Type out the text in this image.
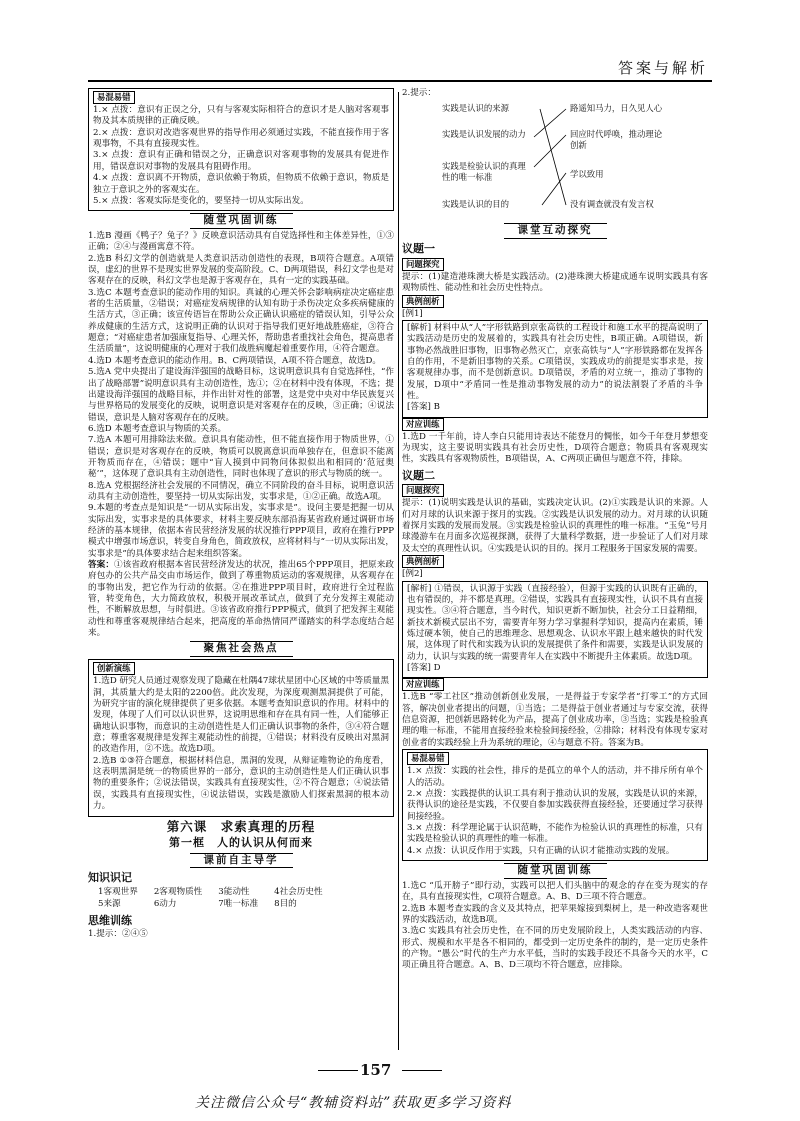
答案与解析
易混易错

1.× 点拨：意识有正误之分，只有与客观实际相符合的意识才是人脑对客观事物及其本质规律的正确反映。

2.× 点拨：意识对改造客观世界的指导作用必须通过实践，不能直接作用于客观事物，不具有直接现实性。

3.× 点拨：意识有正确和错误之分，正确意识对客观事物的发展具有促进作用，错误意识对事物的发展具有阻碍作用。

4.× 点拨：意识离不开物质，意识依赖于物质，但物质不依赖于意识，物质是独立于意识之外的客观实在。

5.× 点拨：客观实际是变化的，要坚持一切从实际出发。

随堂巩固训练

1.选B 漫画《鸭子？兔子？》反映意识活动具有自觉选择性和主体差异性，①③正确；②④与漫画寓意不符。

2.选B 科幻文学的创造就是人类意识活动创造性的表现，B项符合题意。A项错误，虚幻的世界不是现实世界发展的变高阶段。C、D两项错误，科幻文学也是对客观存在的反映，科幻文学也是源于客观存在，具有一定的实践基础。

3.选C 本题考查意识的能动作用的知识。真诚的心理关怀会影响病症决定癌症患者的生活质量，②错误；对癌症发病规律的认知有助于杀伤决定众多疾病健康的生活方式，③正确；该宣传语旨在帮助公众正确认识癌症的错误认知，引导公众养成健康的生活方式，这说明正确的认识对于指导我们更好地战胜癌症，③符合题意；“对癌症患者加强康复指导、心理关怀，帮助患者重找社会角色，提高患者生活质量”，这说明健康的心理对于我们战胜病魔起着重要作用，④符合题意。

4.选D 本题考查意识的能动作用。B、C两项错误，A项不符合题意，故选D。

5.选A 党中央提出了建设海洋强国的战略目标，这说明意识具有自觉选择性，“作出了战略部署”说明意识具有主动创造性，选①；②在材料中没有体现，不选；提出建设海洋强国的战略目标，并作出针对性的部署，这是党中央对中华民族复兴与世界格局的发展变化的反映，说明意识是对客观存在的反映，③正确；④说法错误，意识是人脑对客观存在的反映。

6.选D 本题考查意识与物质的关系。

7.选A 本题可用排除法来做。意识具有能动性，但不能直接作用于物质世界，①错误；意识是对客观存在的反映，物质可以脱离意识而单独存在，但意识不能离开物质而存在，④错误；题中“盲人摸到中同物问体拟似出和相同的‘范冠奥秘’”，这体现了意识具有主动创造性，同时也体现了意识的形式与物质的统一。

8.选A 党根据经济社会发展的不同情况，确立不同阶段的奋斗目标，说明意识活动具有主动创造性，要坚持一切从实际出发，实事求是，①②正确。故选A项。

9.本题的考查点是知识是“一切从实际出发，实事求是”。设问主要是把握一切从实际出发，实事求是的具体要求，材料主要反映东部沿海某省政府通过调研市场经济的基本规律，依据本省民营经济发展的状况推行PPP项目，政府在推行PPP模式中增强市场意识，转变自身角色，简政放权，应将材料与“一切从实际出发，实事求是”的具体要求结合起来组织答案。

答案：①该省政府根据本省民营经济发达的状况，推出65个PPP项目，把原来政府包办的公共产品交由市场运作，做到了尊重物质运动的客观规律，从客观存在的事物出发，把它作为行动的依据。②在推进PPP项目时，政府进行全过程监管，转变角色，大力简政放权，积极开展改革试点，做到了充分发挥主观能动性，不断解放思想，与时俱进。③该省政府推行PPP模式，做到了把发挥主观能动性和尊重客观规律结合起来，把高度的革命热情同严谨踏实的科学态度结合起来。

聚焦社会热点
创新演练

1.选D 研究人员通过观察发现了隐藏在杜隅47球状星团中心区域的中等质量黑洞，其质量大约是太阳的2200倍。此次发现，为深度观测黑洞提供了可能，为研究宇宙的演化规律提供了更多依据。本题考查知识意识的作用。材料中的发现，体现了人们可以认识世界，这说明思维和存在具有同一性，人们能够正确地认识事物，而意识的主动创造性是人们正确认识事物的条件，③④符合题意；尊重客观规律是发挥主观能动性的前提，①错误；材料没有反映出对黑洞的改造作用，②不选。故选D项。

2.选B ①③符合题意，根据材料信息，黑洞的发现，从辩证唯物论的角度看，这表明黑洞是统一的物质世界的一部分，意识的主动创造性是人们正确认识事物的重要条件；②说法错误，实践具有直接现实性，②不符合题意；④说法错误，实践具有直接现实性，④说法错误，实践是激励人们探索黑洞的根本动力。

第六课　求索真理的历程
第一框　人的认识从何而来
课前自主导学
知识识记
1客观世界 2客观物质性 3能动性	4社会历史性
5来源	6动力	7唯一标准 8目的
思维训练

1.提示：②④⑤

2.提示：

实践是认识的来源
实践是认识发展的动力
实践是检验认识的真理性的唯一标准
实践是认识的目的
路遥知马力，日久见人心
回应时代呼唤，推动理论创新
学以致用
没有调查就没有发言权
课堂互动探究
议题一
问题探究

提示：(1)建造港珠澳大桥是实践活动。(2)港珠澳大桥建成通车说明实践具有客观物质性、能动性和社会历史性特点。

典例剖析

[例1]

[解析] 材料中从“人”字形铁路到京张高铁的工程设计和施工水平的提高说明了实践活动是历史的发展着的，实践具有社会历史性，B项正确。A项错误，新事物必然战胜旧事物，旧事物必然灭亡，京张高铁与“人”字形铁路都在发挥各自的作用，不是新旧事物的关系。C项错误，实践成功的前提是实事求是，按客观规律办事，而不是创新意识。D项错误，矛盾的对立统一，推动了事物的发展，D项中“矛盾同一性是推动事物发展的动力”的说法割裂了矛盾的斗争性。

[答案] B

对应训练

1.选D 一千年前，诗人李白只能用诗表达不能登月的惆怅，如今千年登月梦想变为现实，这主要说明实践具有社会历史性，D项符合题意；物质具有客观现实性，实践具有客观物质性，B项错误，A、C两项正确但与题意不符，排除。

议题二
问题探究

提示：(1)说明实践是认识的基础，实践决定认识。(2)①实践是认识的来源。人们对月球的认识来源于探月的实践。②实践是认识发展的动力。对月球的认识随着探月实践的发展而发展。③实践是检验认识的真理性的唯一标准。“玉兔”号月球漫游车在月面多次巡视探测，获得了大量科学数据，进一步验证了人们对月球及太空的真理性认识。④实践是认识的目的。探月工程服务于国家发展的需要。

典例剖析

[例2]

[解析] ①错误，认识源于实践（直接经验），但源于实践的认识既有正确的，也有错误的，并不都是真理。②错误，实践具有直接现实性，认识不具有直接现实性。③④符合题意，当今时代，知识更新不断加快，社会分工日益精细，新技术新模式层出不穷，需要青年努力学习掌握科学知识，提高内在素质，锤炼过硬本领，使自己的思维理念、思想观念、认识水平跟上越来越快的时代发展，这体现了时代和实践为认识的发展提供了条件和需要，实践是认识发展的动力，认识与实践的统一需要青年人在实践中不断提升主体素质。故选D项。

[答案] D

对应训练

1.选B “零工社区”推动创新创业发展，一是得益于专家学者“打零工”的方式回答，解决创业者提出的问题，①当选；二是得益于创业者通过与专家交流，获得信息资源，把创新思路转化为产品，提高了创业成功率，③当选；实践是检验真理的唯一标准，不能用直接经验来检验间接经验，②排除；材料没有体现专家对创业者的实践经验上升为系统的理论，④与题意不符。答案为B。

易混易错

1.× 点拨：实践的社会性，排斥的是孤立的单个人的活动，并不排斥所有单个人的活动。

2.× 点拨：实践提供的认识工具有利于推动认识的发展，实践是认识的来源，获得认识的途径是实践，不仅要自参加实践获得直接经验，还要通过学习获得间接经验。

3.× 点拨：科学理论属于认识范畴，不能作为检验认识的真理性的标准，只有实践是检验认识的真理性的唯一标准。

4.× 点拨：认识反作用于实践，只有正确的认识才能推动实践的发展。

随堂巩固训练

1.选C “瓜开膀子”即行动，实践可以把人们头脑中的观念的存在变为现实的存在，具有直接现实性，C项符合题意。A、B、D三项不符合题意。

2.选B 本题考查实践的含义及其特点，把苹果嫁接到梨树上，是一种改造客观世界的实践活动，故选B项。

3.选C 实践具有社会历史性，在不同的历史发展阶段上，人类实践活动的内容、形式、规模和水平是各不相同的，都受到一定历史条件的制约，是一定历史条件的产物。“愚公”时代的生产力水平低，当时的实践手段还不具备今天的水平，C项正确且符合题意。A、B、D三项均不符合题意，应排除。

157
关注微信公众号“教辅资料站”获取更多学习资料
